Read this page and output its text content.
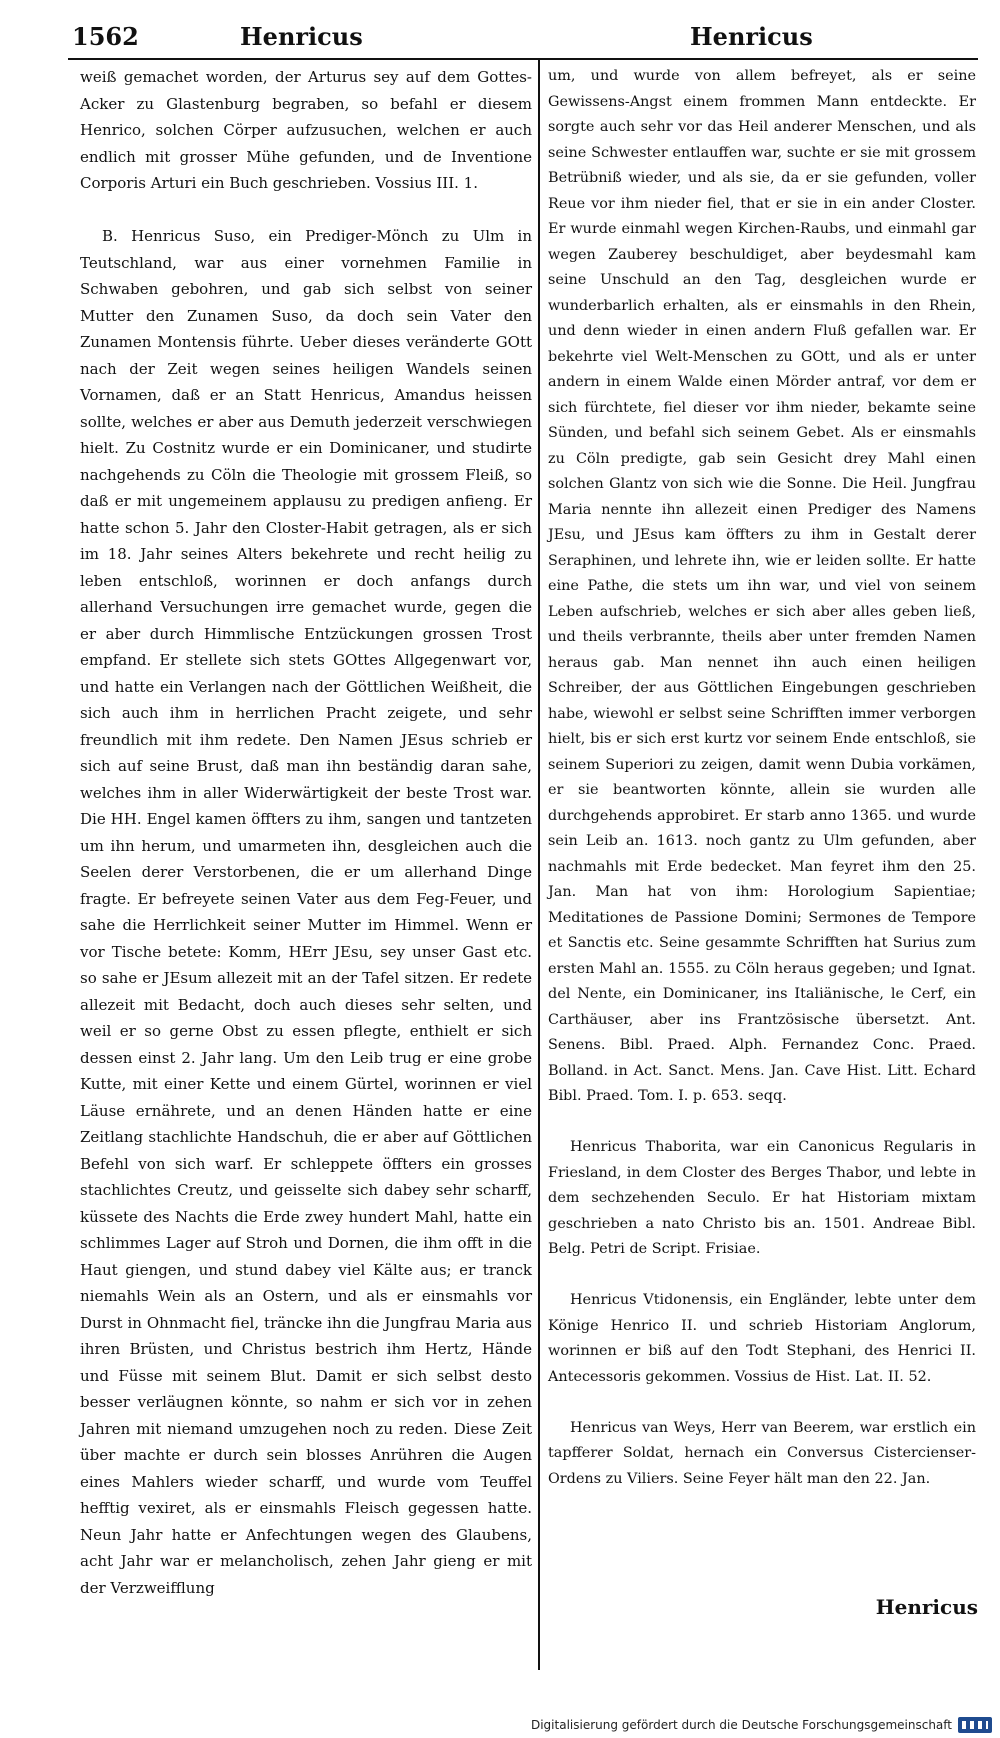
1562	Henricus	Henricus

weiß gemachet worden, der Arturus sey auf dem Gottes-Acker zu Glastenburg begraben, so befahl er diesem Henrico, solchen Cörper aufzusuchen, welchen er auch endlich mit grosser Mühe gefunden, und de Inventione Corporis Arturi ein Buch geschrieben. Vossius III. 1.

B. Henricus Suso, ein Prediger-Mönch zu Ulm in Teutschland, war aus einer vornehmen Familie in Schwaben gebohren, und gab sich selbst von seiner Mutter den Zunamen Suso, da doch sein Vater den Zunamen Montensis führte. Ueber dieses veränderte GOtt nach der Zeit wegen seines heiligen Wandels seinen Vornamen, daß er an Statt Henricus, Amandus heissen sollte, welches er aber aus Demuth jederzeit verschwiegen hielt. Zu Costnitz wurde er ein Dominicaner, und studirte nachgehends zu Cöln die Theologie mit grossem Fleiß, so daß er mit ungemeinem applausu zu predigen anfieng. Er hatte schon 5. Jahr den Closter-Habit getragen, als er sich im 18. Jahr seines Alters bekehrete und recht heilig zu leben entschloß, worinnen er doch anfangs durch allerhand Versuchungen irre gemachet wurde, gegen die er aber durch Himmlische Entzückungen grossen Trost empfand. Er stellete sich stets GOttes Allgegenwart vor, und hatte ein Verlangen nach der Göttlichen Weißheit, die sich auch ihm in herrlichen Pracht zeigete, und sehr freundlich mit ihm redete. Den Namen JEsus schrieb er sich auf seine Brust, daß man ihn beständig daran sahe, welches ihm in aller Widerwärtigkeit der beste Trost war. Die HH. Engel kamen öffters zu ihm, sangen und tantzeten um ihn herum, und umarmeten ihn, desgleichen auch die Seelen derer Verstorbenen, die er um allerhand Dinge fragte. Er befreyete seinen Vater aus dem Feg-Feuer, und sahe die Herrlichkeit seiner Mutter im Himmel. Wenn er vor Tische betete: Komm, HErr JEsu, sey unser Gast etc. so sahe er JEsum allezeit mit an der Tafel sitzen. Er redete allezeit mit Bedacht, doch auch dieses sehr selten, und weil er so gerne Obst zu essen pflegte, enthielt er sich dessen einst 2. Jahr lang. Um den Leib trug er eine grobe Kutte, mit einer Kette und einem Gürtel, worinnen er viel Läuse ernährete, und an denen Händen hatte er eine Zeitlang stachlichte Handschuh, die er aber auf Göttlichen Befehl von sich warf. Er schleppete öffters ein grosses stachlichtes Creutz, und geisselte sich dabey sehr scharff, küssete des Nachts die Erde zwey hundert Mahl, hatte ein schlimmes Lager auf Stroh und Dornen, die ihm offt in die Haut giengen, und stund dabey viel Kälte aus; er tranck niemahls Wein als an Ostern, und als er einsmahls vor Durst in Ohnmacht fiel, träncke ihn die Jungfrau Maria aus ihren Brüsten, und Christus bestrich ihm Hertz, Hände und Füsse mit seinem Blut. Damit er sich selbst desto besser verläugnen könnte, so nahm er sich vor in zehen Jahren mit niemand umzugehen noch zu reden. Diese Zeit über machte er durch sein blosses Anrühren die Augen eines Mahlers wieder scharff, und wurde vom Teuffel hefftig vexiret, als er einsmahls Fleisch gegessen hatte. Neun Jahr hatte er Anfechtungen wegen des Glaubens, acht Jahr war er melancholisch, zehen Jahr gieng er mit der Verzweifflung

um, und wurde von allem befreyet, als er seine Gewissens-Angst einem frommen Mann entdeckte. Er sorgte auch sehr vor das Heil anderer Menschen, und als seine Schwester entlauffen war, suchte er sie mit grossem Betrübniß wieder, und als sie, da er sie gefunden, voller Reue vor ihm nieder fiel, that er sie in ein ander Closter. Er wurde einmahl wegen Kirchen-Raubs, und einmahl gar wegen Zauberey beschuldiget, aber beydesmahl kam seine Unschuld an den Tag, desgleichen wurde er wunderbarlich erhalten, als er einsmahls in den Rhein, und denn wieder in einen andern Fluß gefallen war. Er bekehrte viel Welt-Menschen zu GOtt, und als er unter andern in einem Walde einen Mörder antraf, vor dem er sich fürchtete, fiel dieser vor ihm nieder, bekamte seine Sünden, und befahl sich seinem Gebet. Als er einsmahls zu Cöln predigte, gab sein Gesicht drey Mahl einen solchen Glantz von sich wie die Sonne. Die Heil. Jungfrau Maria nennte ihn allezeit einen Prediger des Namens JEsu, und JEsus kam öffters zu ihm in Gestalt derer Seraphinen, und lehrete ihn, wie er leiden sollte. Er hatte eine Pathe, die stets um ihn war, und viel von seinem Leben aufschrieb, welches er sich aber alles geben ließ, und theils verbrannte, theils aber unter fremden Namen heraus gab. Man nennet ihn auch einen heiligen Schreiber, der aus Göttlichen Eingebungen geschrieben habe, wiewohl er selbst seine Schrifften immer verborgen hielt, bis er sich erst kurtz vor seinem Ende entschloß, sie seinem Superiori zu zeigen, damit wenn Dubia vorkämen, er sie beantworten könnte, allein sie wurden alle durchgehends approbiret. Er starb anno 1365. und wurde sein Leib an. 1613. noch gantz zu Ulm gefunden, aber nachmahls mit Erde bedecket. Man feyret ihm den 25. Jan. Man hat von ihm: Horologium Sapientiae; Meditationes de Passione Domini; Sermones de Tempore et Sanctis etc. Seine gesammte Schrifften hat Surius zum ersten Mahl an. 1555. zu Cöln heraus gegeben; und Ignat. del Nente, ein Dominicaner, ins Italiänische, le Cerf, ein Carthäuser, aber ins Frantzösische übersetzt. Ant. Senens. Bibl. Praed. Alph. Fernandez Conc. Praed. Bolland. in Act. Sanct. Mens. Jan. Cave Hist. Litt. Echard Bibl. Praed. Tom. I. p. 653. seqq.

Henricus Thaborita, war ein Canonicus Regularis in Friesland, in dem Closter des Berges Thabor, und lebte in dem sechzehenden Seculo. Er hat Historiam mixtam geschrieben a nato Christo bis an. 1501. Andreae Bibl. Belg. Petri de Script. Frisiae.

Henricus Vtidonensis, ein Engländer, lebte unter dem Könige Henrico II. und schrieb Historiam Anglorum, worinnen er biß auf den Todt Stephani, des Henrici II. Antecessoris gekommen. Vossius de Hist. Lat. II. 52.

Henricus van Weys, Herr van Beerem, war erstlich ein tapfferer Soldat, hernach ein Conversus Cistercienser-Ordens zu Viliers. Seine Feyer hält man den 22. Jan.

Henricus
Digitalisierung gefördert durch die Deutsche Forschungsgemeinschaft
